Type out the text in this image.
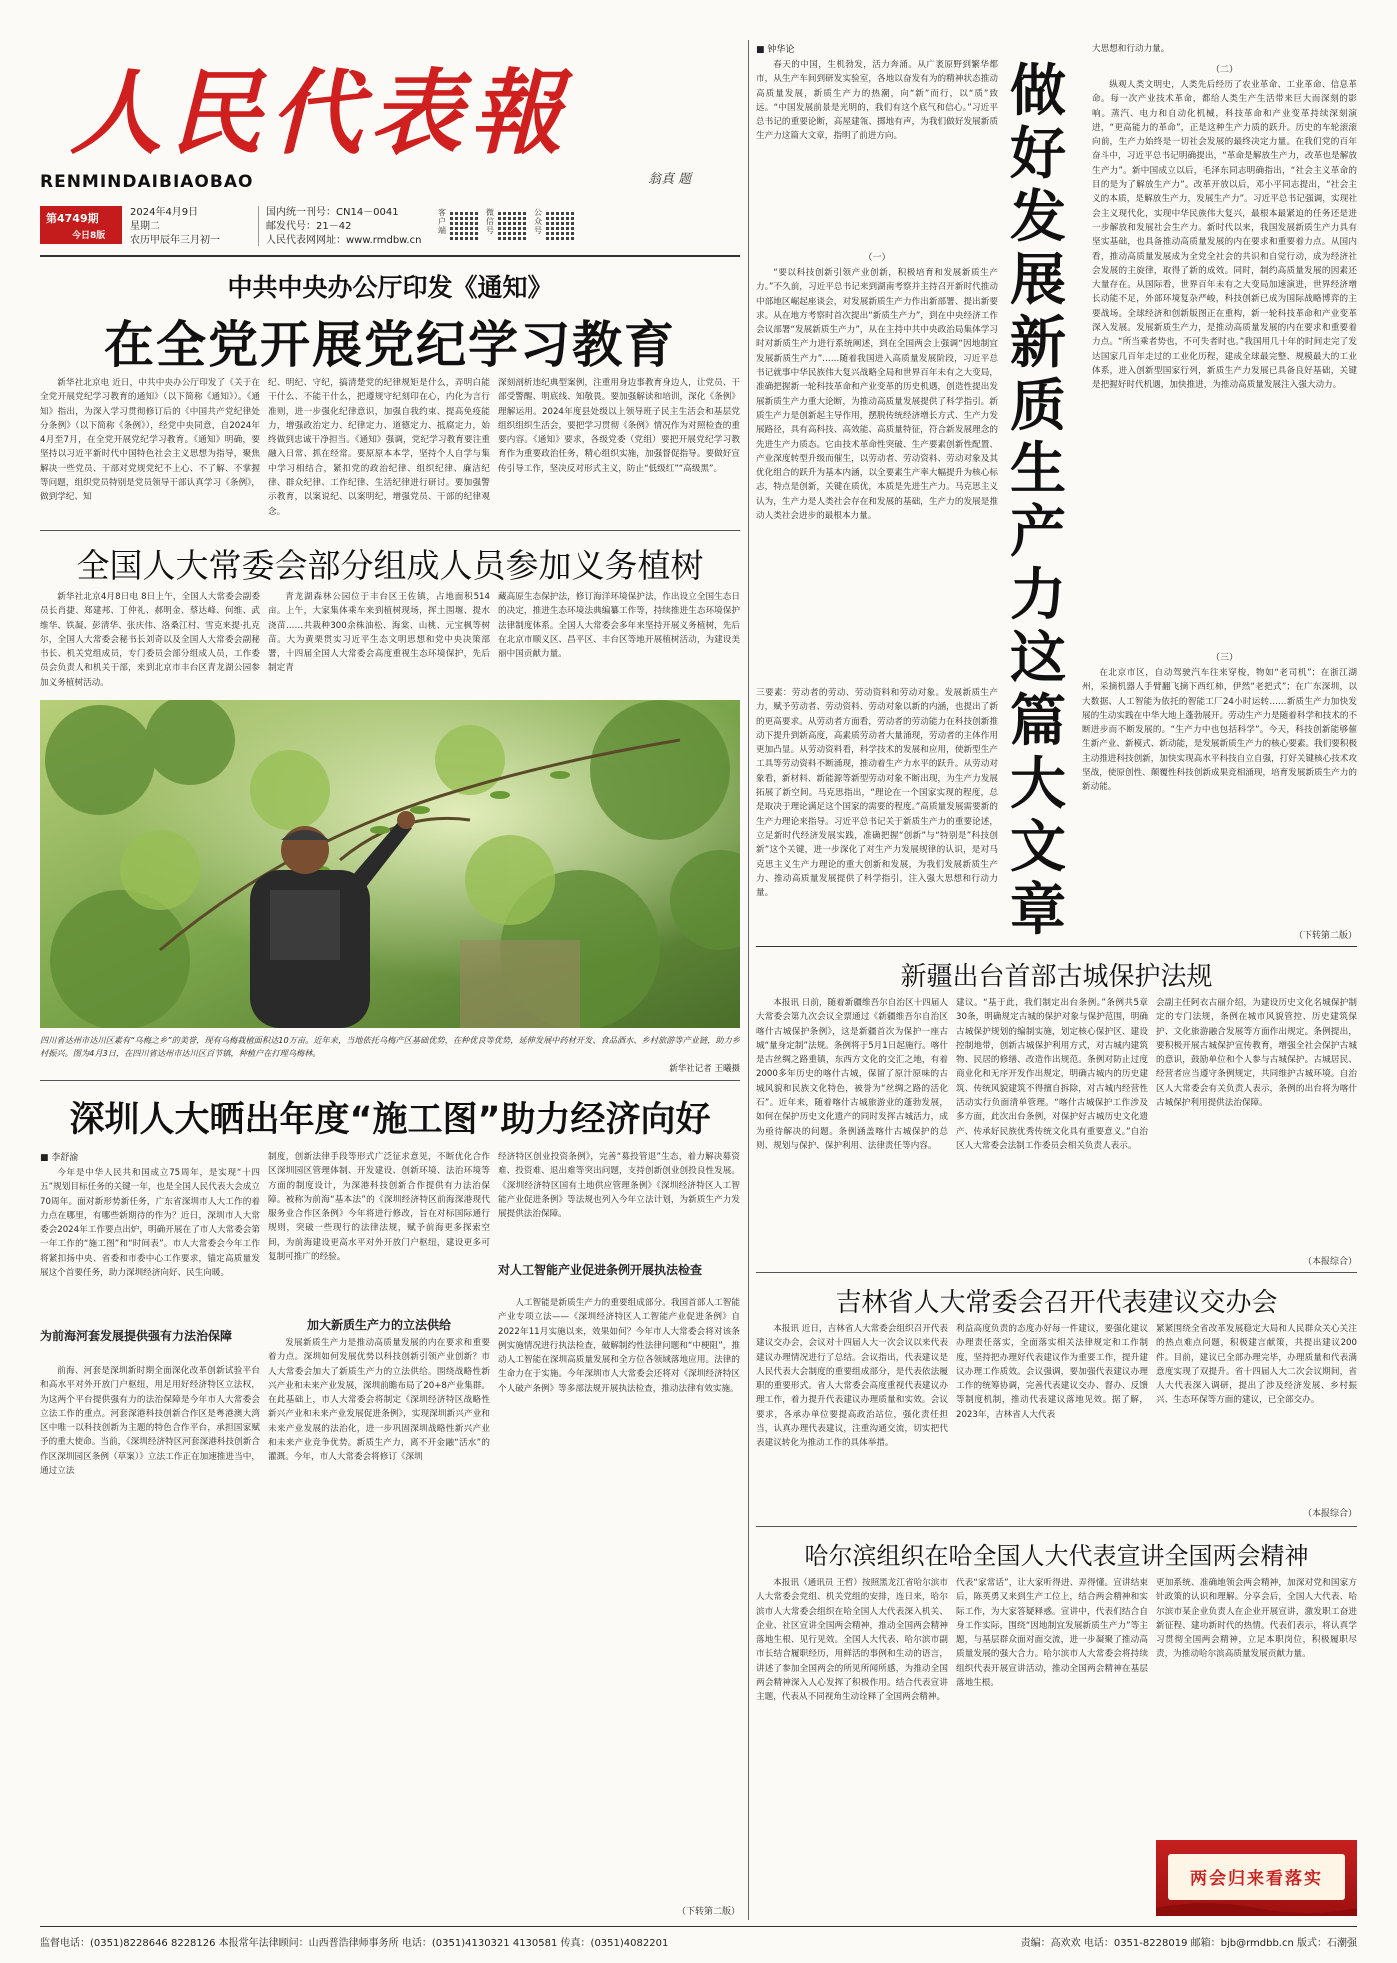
人民代表報
RENMINDAIBIAOBAO	翁真 题
第4749期
今日8版
2024年4月9日
星期二
农历甲辰年三月初一
国内统一刊号：CN14－0041
邮发代号：21－42
人民代表网网址：www.rmdbw.cn
客户端
微信号
公众号
中共中央办公厅印发《通知》
在全党开展党纪学习教育
新华社北京电 近日，中共中央办公厅印发了《关于在全党开展党纪学习教育的通知》（以下简称《通知》）。《通知》指出，为深入学习贯彻修订后的《中国共产党纪律处分条例》（以下简称《条例》），经党中央同意，自2024年4月至7月，在全党开展党纪学习教育。《通知》明确，要坚持以习近平新时代中国特色社会主义思想为指导，聚焦解决一些党员、干部对党规党纪不上心、不了解、不掌握等问题，组织党员特别是党员领导干部认真学习《条例》，做到学纪、知
纪、明纪、守纪，搞清楚党的纪律规矩是什么，弄明白能干什么、不能干什么，把遵规守纪刻印在心，内化为言行准则，进一步强化纪律意识，加强自我约束、提高免疫能力，增强政治定力、纪律定力、道德定力、抵腐定力，始终做到忠诚干净担当。《通知》强调，党纪学习教育要注重融入日常、抓在经常。要原原本本学，坚持个人自学与集中学习相结合，紧扣党的政治纪律、组织纪律、廉洁纪律、群众纪律、工作纪律、生活纪律进行研讨。要加强警示教育，以案说纪、以案明纪，增强党员、干部的纪律观念。
深刻剖析违纪典型案例，注重用身边事教育身边人，让党员、干部受警醒、明底线、知敬畏。要加强解读和培训，深化《条例》理解运用。2024年度县处级以上领导班子民主生活会和基层党组织组织生活会，要把学习贯彻《条例》情况作为对照检查的重要内容。《通知》要求，各级党委（党组）要把开展党纪学习教育作为重要政治任务，精心组织实施，加强督促指导。要做好宣传引导工作，坚决反对形式主义，防止“低级红”“高级黑”。
全国人大常委会部分组成人员参加义务植树
新华社北京4月8日电 8日上午，全国人大常委会副委员长肖捷、郑建邦、丁仲礼、郝明金、蔡达峰、何维、武维华、铁凝、彭清华、张庆伟、洛桑江村、雪克来提·扎克尔，全国人大常委会秘书长刘奇以及全国人大常委会副秘书长、机关党组成员，专门委员会部分组成人员，工作委员会负责人和机关干部，来到北京市丰台区青龙湖公园参加义务植树活动。
青龙湖森林公园位于丰台区王佐镇，占地面积514亩。上午，大家集体乘车来到植树现场，挥土围堰、提水浇苗……共栽种300余株油松、海棠、山桃、元宝枫等树苗。大为黄栗贯实习近平生态文明思想和党中央决策部署，十四届全国人大常委会高度重视生态环境保护，先后制定青
藏高原生态保护法，修订海洋环境保护法，作出设立全国生态日的决定，推进生态环境法典编纂工作等，持续推进生态环境保护法律制度体系。全国人大常委会多年来坚持开展义务植树，先后在北京市顺义区、昌平区、丰台区等地开展植树活动，为建设美丽中国贡献力量。
四川省达州市达川区素有“乌梅之乡”的美誉，现有乌梅栽植面积达10万亩。近年来，当地依托乌梅产区基础优势，在种优良等优势，延伸发展中药材开发、食品酒水、乡村旅游等产业链，助力乡村振兴。图为4月3日，在四川省达州市达川区百节镇，种植户在打理乌梅林。
新华社记者 王曦摄
深圳人大晒出年度“施工图”助力经济向好
■ 李舒渝
今年是中华人民共和国成立75周年，是实现“十四五”规划目标任务的关键一年，也是全国人民代表大会成立70周年。面对新形势新任务，广东省深圳市人大工作的着力点在哪里，有哪些新期待的作为？近日，深圳市人大常委会2024年工作要点出炉，明确开展在了市人大常委会第一年工作的“施工图”和“时间表”。市人大常委会今年工作将紧扣扬中央、省委和市委中心工作要求，锚定高质量发展这个首要任务，助力深圳经济向好、民生向暖。
为前海河套发展提供强有力法治保障
前海、河套是深圳新时期全面深化改革创新试验平台和高水平对外开放门户枢纽，用足用好经济特区立法权，为这两个平台提供强有力的法治保障是今年市人大常委会立法工作的重点。河套深港科技创新合作区是粤港澳大湾区中唯一以科技创新为主题的特色合作平台，承担国家赋予的重大使命。当前，《深圳经济特区河套深港科技创新合作区深圳园区条例（草案）》立法工作正在加速推进当中，通过立法
制度，创新法律手段等形式广泛征求意见，不断优化合作区深圳园区管理体制、开发建设、创新环境、法治环境等方面的制度设计，为深港科技创新合作提供有力法治保障。被称为前海“基本法”的《深圳经济特区前海深港现代服务业合作区条例》今年将进行修改，旨在对标国际通行规则，突破一些现行的法律法规，赋予前海更多探索空间，为前海建设更高水平对外开放门户枢纽，建设更多可复制可推广的经验。
加大新质生产力的立法供给
发展新质生产力是推动高质量发展的内在要求和重要着力点。深圳如何发展优势以科技创新引领产业创新？市人大常委会加大了新质生产力的立法供给。围绕战略性新兴产业和未来产业发展，深圳前瞻布局了20+8产业集群。在此基础上，市人大常委会将制定《深圳经济特区战略性新兴产业和未来产业发展促进条例》，实现深圳新兴产业和未来产业发展的法治化，进一步巩固深圳战略性新兴产业和未来产业竞争优势。新质生产力，离不开金融“活水”的灌溉。今年，市人大常委会将修订《深圳
经济特区创业投资条例》，完善“募投管退”生态，着力解决募资难、投资难、退出难等突出问题，支持创新创业创投良性发展。《深圳经济特区国有土地供应管理条例》《深圳经济特区人工智能产业促进条例》等法规也列入今年立法计划，为新质生产力发展提供法治保障。
对人工智能产业促进条例开展执法检查
人工智能是新质生产力的重要组成部分。我国首部人工智能产业专项立法——《深圳经济特区人工智能产业促进条例》自2022年11月实施以来，效果如何？今年市人大常委会将对该条例实施情况进行执法检查，破解制约性法律问题和“中梗阻”，推动人工智能在深圳高质量发展和全方位各领域落地应用。法律的生命力在于实施。今年深圳市人大常委会还将对《深圳经济特区个人破产条例》等多部法规开展执法检查，推动法律有效实施。
（下转第二版）
■ 钟华论
春天的中国，生机勃发，活力奔涌。从广袤原野到繁华都市，从生产车间到研发实验室，各地以奋发有为的精神状态推动高质量发展，新质生产力的热潮，向“新”而行，以“质”致远。“中国发展前景是光明的，我们有这个底气和信心。”习近平总书记的重要论断，高屋建瓴、掷地有声，为我们做好发展新质生产力这篇大文章，指明了前进方向。
（一）
“要以科技创新引领产业创新，积极培育和发展新质生产力。”不久前，习近平总书记来到湖南考察并主持召开新时代推动中部地区崛起座谈会，对发展新质生产力作出新部署、提出新要求。从在地方考察时首次提出“新质生产力”，到在中央经济工作会议部署“发展新质生产力”，从在主持中共中央政治局集体学习时对新质生产力进行系统阐述，到在全国两会上强调“因地制宜发展新质生产力”……随着我国进入高质量发展阶段，习近平总书记就事中华民族伟大复兴战略全局和世界百年未有之大变局，准确把握新一轮科技革命和产业变革的历史机遇，创造性提出发展新质生产力重大论断，为推动高质量发展提供了科学指引。新质生产力是创新起主导作用，摆脱传统经济增长方式、生产力发展路径，具有高科技、高效能、高质量特征，符合新发展理念的先进生产力质态。它由技术革命性突破、生产要素创新性配置、产业深度转型升级而催生，以劳动者、劳动资料、劳动对象及其优化组合的跃升为基本内涵，以全要素生产率大幅提升为核心标志，特点是创新，关键在质优，本质是先进生产力。马克思主义认为，生产力是人类社会存在和发展的基础，生产力的发展是推动人类社会进步的最根本力量。
三要素：劳动者的劳动、劳动资料和劳动对象。发展新质生产力，赋予劳动者、劳动资料、劳动对象以新的内涵，也提出了新的更高要求。从劳动者方面看，劳动者的劳动能力在科技创新推动下提升到新高度，高素质劳动者大量涌现，劳动者的主体作用更加凸显。从劳动资料看，科学技术的发展和应用，使新型生产工具等劳动资料不断涌现，推动着生产力水平的跃升。从劳动对象看，新材料、新能源等新型劳动对象不断出现，为生产力发展拓展了新空间。马克思指出，“理论在一个国家实现的程度，总是取决于理论满足这个国家的需要的程度。”高质量发展需要新的生产力理论来指导。习近平总书记关于新质生产力的重要论述，立足新时代经济发展实践，准确把握“创新”与“特别是”科技创新”这个关键，进一步深化了对生产力发展规律的认识，是对马克思主义生产力理论的重大创新和发展，为我们发展新质生产力、推动高质量发展提供了科学指引，注入强大思想和行动力量。
做好发展新质生产力这篇大文章
大思想和行动力量。
（二）
纵观人类文明史，人类先后经历了农业革命、工业革命、信息革命。每一次产业技术革命，都给人类生产生活带来巨大而深刻的影响。蒸汽、电力和自动化机械，科技革命和产业变革持续深刻演进，“更高能力的革命”，正是这种生产力质的跃升。历史的车轮滚滚向前，生产力始终是一切社会发展的最终决定力量。在我们党的百年奋斗中，习近平总书记明确提出，“革命是解放生产力，改革也是解放生产力”。新中国成立以后，毛泽东同志明确指出，“社会主义革命的目的是为了解放生产力”。改革开放以后，邓小平同志提出，“社会主义的本质，是解放生产力，发展生产力”。习近平总书记强调，实现社会主义现代化，实现中华民族伟大复兴，最根本最紧迫的任务还是进一步解放和发展社会生产力。新时代以来，我国发展新质生产力具有坚实基础，也具备推动高质量发展的内在要求和重要着力点。从国内看，推动高质量发展成为全党全社会的共识和自觉行动，成为经济社会发展的主旋律，取得了新的成效。同时，制约高质量发展的因素还大量存在。从国际看，世界百年未有之大变局加速演进，世界经济增长动能不足，外部环境复杂严峻，科技创新已成为国际战略博弈的主要战场。全球经济和创新版图正在重构，新一轮科技革命和产业变革深入发展。发展新质生产力，是推动高质量发展的内在要求和重要着力点。“所当乘者势也，不可失者时也。”我国用几十年的时间走完了发达国家几百年走过的工业化历程，建成全球最完整、规模最大的工业体系，进入创新型国家行列，新质生产力发展已具备良好基础，关键是把握好时代机遇，加快推进，为推动高质量发展注入强大动力。
（三）
在北京市区，自动驾驶汽车往来穿梭，物如“老司机”；在浙江湖州，采摘机器人手臂翻飞摘下西红柿，伊然“老把式”；在广东深圳，以大数据、人工智能为依托的智能工厂24小时运转……新质生产力加快发展的生动实践在中华大地上蓬勃展开。劳动生产力是随着科学和技术的不断进步而不断发展的。“生产力中也包括科学”。今天，科技创新能够催生新产业、新模式、新动能，是发展新质生产力的核心要素。我们要积极主动推进科技创新，加快实现高水平科技自立自强，打好关键核心技术攻坚战，使原创性、颠覆性科技创新成果竞相涌现，培育发展新质生产力的新动能。
（下转第二版）
新疆出台首部古城保护法规
本报讯 日前，随着新疆维吾尔自治区十四届人大常委会第九次会议全票通过《新疆维吾尔自治区喀什古城保护条例》，这是新疆首次为保护一座古城“量身定制”法规。条例将于5月1日起施行。喀什是古丝绸之路重镇，东西方文化的交汇之地，有着2000多年历史的喀什古城，保留了原汁原味的古城风貌和民族文化特色，被誉为“丝绸之路的活化石”。近年来，随着喀什古城旅游业的蓬勃发展，如何在保护历史文化遗产的同时发挥古城活力，成为亟待解决的问题。条例涵盖喀什古城保护的总则、规划与保护、保护利用、法律责任等内容。
建议。“基于此，我们制定出台条例。”条例共5章30条，明确规定古城的保护对象与保护范围，明确古城保护规划的编制实施，划定核心保护区、建设控制地带，创新古城保护利用方式，对古城内建筑物、民居的修缮、改造作出规范。条例对防止过度商业化和无序开发作出规定，明确古城内的历史建筑、传统风貌建筑不得擅自拆除，对古城内经营性活动实行负面清单管理。“喀什古城保护工作涉及多方面，此次出台条例，对保护好古城历史文化遗产、传承好民族优秀传统文化具有重要意义。”自治区人大常委会法制工作委员会相关负责人表示。
会副主任阿衣古丽介绍，为建设历史文化名城保护制定的专门法规，条例在城市风貌管控、历史建筑保护、文化旅游融合发展等方面作出规定。条例提出，要积极开展古城保护宣传教育，增强全社会保护古城的意识，鼓励单位和个人参与古城保护。古城居民、经营者应当遵守条例规定，共同维护古城环境。自治区人大常委会有关负责人表示，条例的出台将为喀什古城保护利用提供法治保障。
（本报综合）
吉林省人大常委会召开代表建议交办会
本报讯 近日，吉林省人大常委会组织召开代表建议交办会，会议对十四届人大一次会议以来代表建议办理情况进行了总结。会议指出，代表建议是人民代表大会制度的重要组成部分，是代表依法履职的重要形式。省人大常委会高度重视代表建议办理工作，着力提升代表建议办理质量和实效。会议要求，各承办单位要提高政治站位，强化责任担当，认真办理代表建议，注重沟通交流，切实把代表建议转化为推动工作的具体举措。
利益高度负责的态度办好每一件建议，要强化建议办理责任落实，全面落实相关法律规定和工作制度，坚持把办理好代表建议作为重要工作，提升建议办理工作质效。会议强调，要加强代表建议办理工作的统筹协调，完善代表建议交办、督办、反馈等制度机制，推动代表建议落地见效。据了解，2023年，吉林省人大代表
紧紧围绕全省改革发展稳定大局和人民群众关心关注的热点难点问题，积极建言献策，共提出建议200件。目前，建议已全部办理完毕，办理质量和代表满意度实现了双提升。省十四届人大二次会议期间，省人大代表深入调研，提出了涉及经济发展、乡村振兴、生态环保等方面的建议，已全部交办。
（本报综合）
哈尔滨组织在哈全国人大代表宣讲全国两会精神
本报讯（通讯员 王哲）按照黑龙江省哈尔滨市人大常委会党组、机关党组的安排，连日来，哈尔滨市人大常委会组织在哈全国人大代表深入机关、企业、社区宣讲全国两会精神，推动全国两会精神落地生根、见行见效。全国人大代表、哈尔滨市副市长结合履职经历，用鲜活的事例和生动的语言，讲述了参加全国两会的所见所闻所感，为推动全国两会精神深入人心发挥了积极作用。结合代表宣讲主题，代表从不同视角生动诠释了全国两会精神。
代表“家常话”，让大家听得进、弄得懂。宣讲结束后，陈英勇又来到生产工位上，结合两会精神和实际工作，为大家答疑释惑。宣讲中，代表们结合自身工作实际，围绕“因地制宜发展新质生产力”等主题，与基层群众面对面交流，进一步凝聚了推动高质量发展的强大合力。哈尔滨市人大常委会将持续组织代表开展宣讲活动，推动全国两会精神在基层落地生根。
更加系统、准确地领会两会精神，加深对党和国家方针政策的认识和理解。分享会后，全国人大代表、哈尔滨市某企业负责人在企业开展宣讲，激发职工奋进新征程、建功新时代的热情。代表们表示，将认真学习贯彻全国两会精神，立足本职岗位，积极履职尽责，为推动哈尔滨高质量发展贡献力量。
两会归来看落实
监督电话：(0351)8228646 8228126 本报常年法律顾问：山西普浩律师事务所 电话：(0351)4130321 4130581 传真：(0351)4082201	责编：高欢欢 电话：0351-8228019 邮箱：bjb@rmdbb.cn 版式：石潮强
